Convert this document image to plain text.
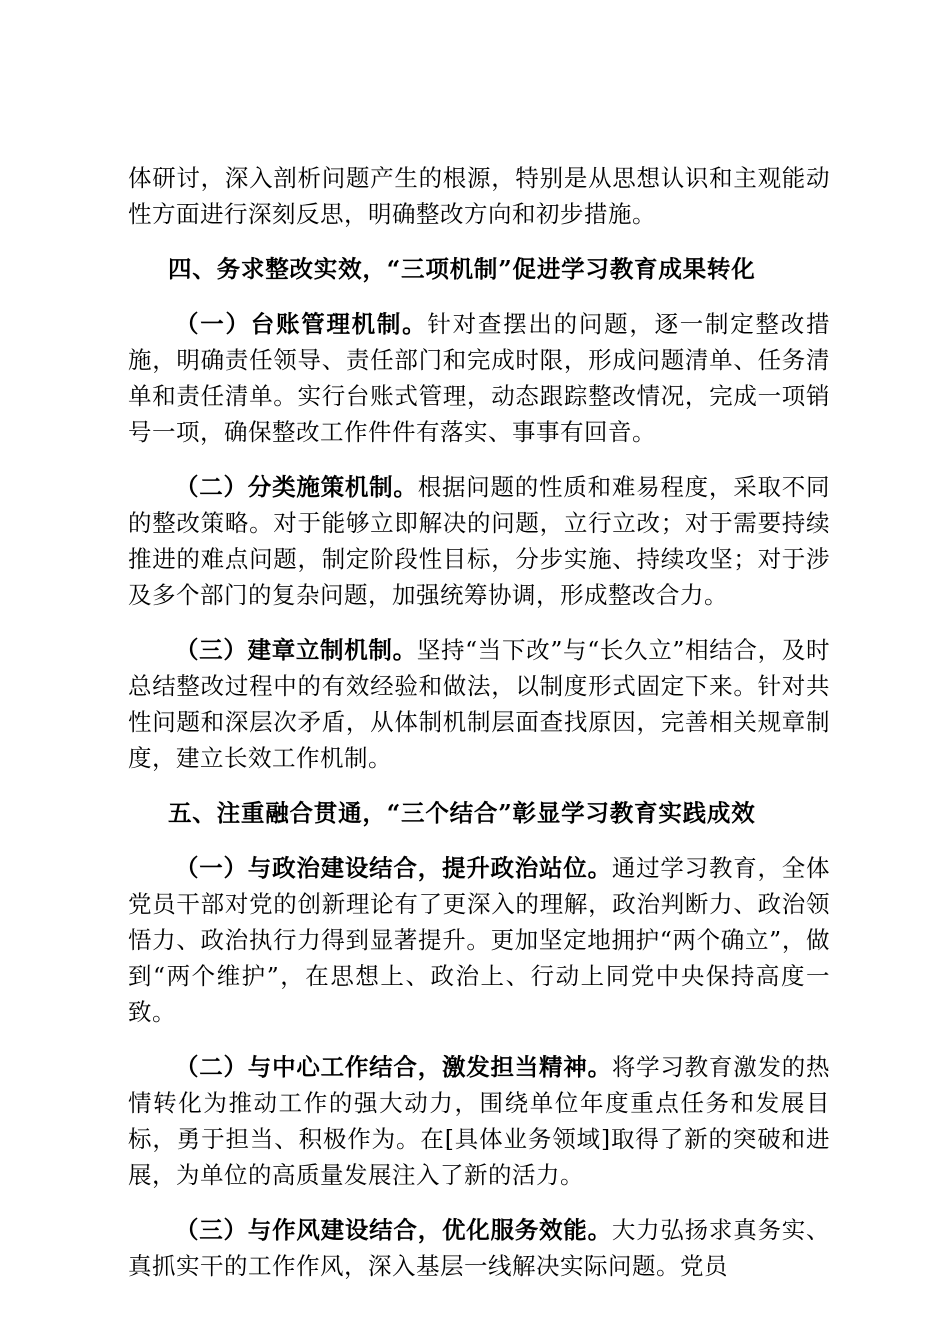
体研讨，深入剖析问题产生的根源，特别是从思想认识和主观能动性方面进行深刻反思，明确整改方向和初步措施。

四、务求整改实效，“三项机制”促进学习教育成果转化

（一）台账管理机制。针对查摆出的问题，逐一制定整改措施，明确责任领导、责任部门和完成时限，形成问题清单、任务清单和责任清单。实行台账式管理，动态跟踪整改情况，完成一项销号一项，确保整改工作件件有落实、事事有回音。

（二）分类施策机制。根据问题的性质和难易程度，采取不同的整改策略。对于能够立即解决的问题，立行立改；对于需要持续推进的难点问题，制定阶段性目标，分步实施、持续攻坚；对于涉及多个部门的复杂问题，加强统筹协调，形成整改合力。

（三）建章立制机制。坚持“当下改”与“长久立”相结合，及时总结整改过程中的有效经验和做法，以制度形式固定下来。针对共性问题和深层次矛盾，从体制机制层面查找原因，完善相关规章制度，建立长效工作机制。

五、注重融合贯通，“三个结合”彰显学习教育实践成效

（一）与政治建设结合，提升政治站位。通过学习教育，全体党员干部对党的创新理论有了更深入的理解，政治判断力、政治领悟力、政治执行力得到显著提升。更加坚定地拥护“两个确立”，做到“两个维护”，在思想上、政治上、行动上同党中央保持高度一致。

（二）与中心工作结合，激发担当精神。将学习教育激发的热情转化为推动工作的强大动力，围绕单位年度重点任务和发展目标，勇于担当、积极作为。在[具体业务领域]取得了新的突破和进展，为单位的高质量发展注入了新的活力。

（三）与作风建设结合，优化服务效能。大力弘扬求真务实、真抓实干的工作作风，深入基层一线解决实际问题。党员
